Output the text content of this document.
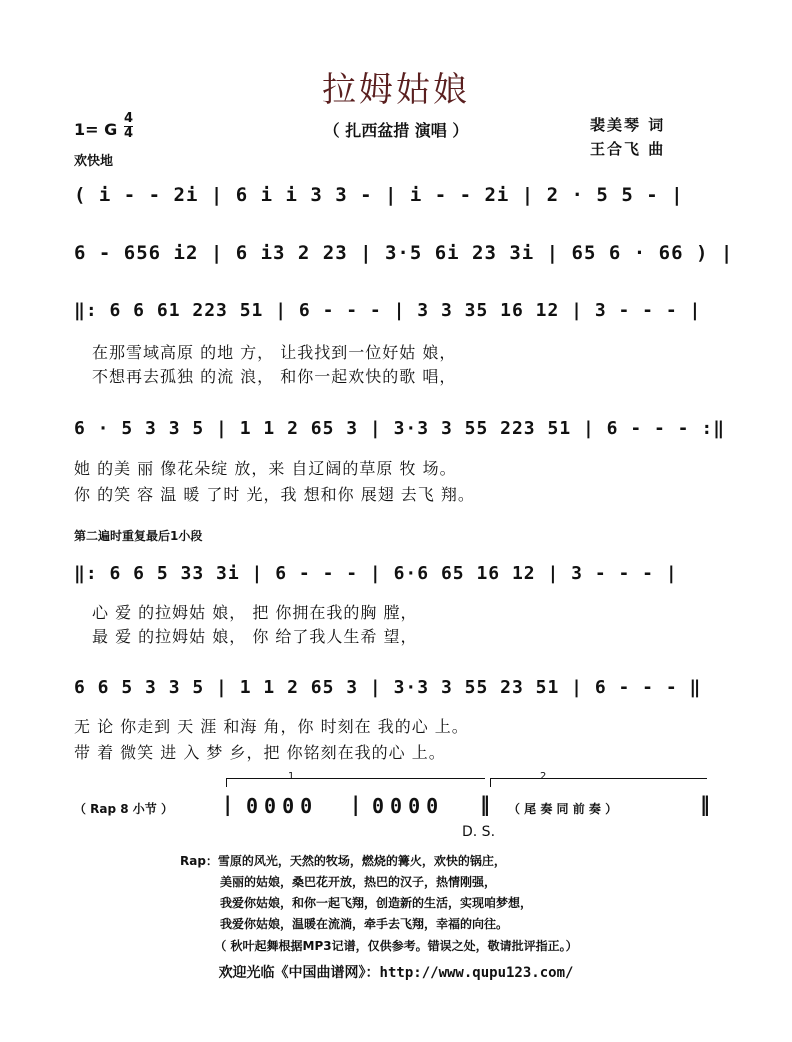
拉姆姑娘
（ 扎西盆措 演唱 ）
1= G
4
4
欢快地
裴美琴 词
王合飞 曲
( i - - 2i | 6 i i 3 3 - | i - - 2i | 2 · 5 5 - |
6 - 656 i2 | 6 i3 2 23 | 3·5 6i 23 3i | 65 6 · 66 ) |
‖: 6 6 61 223 51 | 6 - - - | 3 3 35 16 12 | 3 - - - |
在那雪域高原 的地 方， 让我找到一位好姑 娘，
不想再去孤独 的流 浪， 和你一起欢快的歌 唱，
6 · 5 3 3 5 | 1 1 2 65 3 | 3·3 3 55 223 51 | 6 - - - :‖
她 的美 丽 像花朵绽 放，来 自辽阔的草原 牧 场。
你 的笑 容 温 暖 了时 光，我 想和你 展翅 去飞 翔。
第二遍时重复最后1小段
‖: 6 6 5 33 3i | 6 - - - | 6·6 65 16 12 | 3 - - - |
心 爱 的拉姆姑 娘， 把 你拥在我的胸 膛，
最 爱 的拉姆姑 娘， 你 给了我人生希 望，
6 6 5 3 3 5 | 1 1 2 65 3 | 3·3 3 55 23 51 | 6 - - - ‖
无 论 你走到 天 涯 和海 角，你 时刻在 我的心 上。
带 着 微笑 进 入 梦 乡，把 你铭刻在我的心 上。
1	2
（ Rap 8 小节 ）	| 0000 | 0000 ‖ （ 尾 奏 同 前 奏 ）	‖
D. S.
Rap：雪原的风光，天然的牧场，燃烧的篝火，欢快的锅庄，
美丽的姑娘，桑巴花开放，热巴的汉子，热情刚强，
我爱你姑娘，和你一起飞翔，创造新的生活，实现咱梦想，
我爱你姑娘，温暖在流淌，牵手去飞翔，幸福的向往。
（ 秋叶起舞根据MP3记谱，仅供参考。错误之处，敬请批评指正。）
欢迎光临《中国曲谱网》：http://www.qupu123.com/
